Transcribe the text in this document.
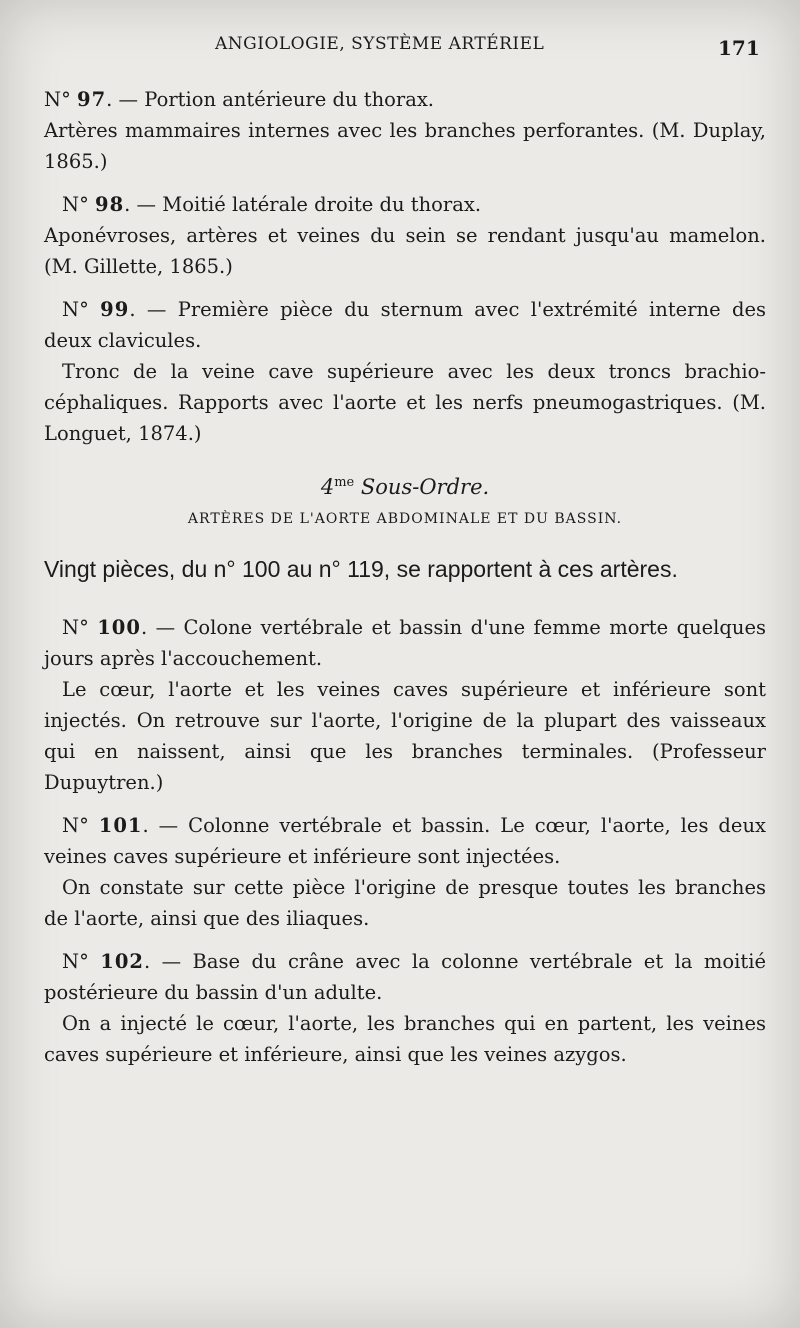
ANGIOLOGIE, SYSTÈME ARTÉRIEL	171

N° 97. — Portion antérieure du thorax.

Artères mammaires internes avec les branches perforantes. (M. Duplay, 1865.)

N° 98. — Moitié latérale droite du thorax.

Aponévroses, artères et veines du sein se rendant jusqu'au mamelon. (M. Gillette, 1865.)

N° 99. — Première pièce du sternum avec l'extrémité interne des deux clavicules.

Tronc de la veine cave supérieure avec les deux troncs brachio-céphaliques. Rapports avec l'aorte et les nerfs pneumogastriques. (M. Longuet, 1874.)

$4^{me}$ Sous-Ordre.
ARTÈRES DE L'AORTE ABDOMINALE ET DU BASSIN.

Vingt pièces, du n° 100 au n° 119, se rapportent à ces artères.

N° 100. — Colone vertébrale et bassin d'une femme morte quelques jours après l'accouchement.

Le cœur, l'aorte et les veines caves supérieure et inférieure sont injectés. On retrouve sur l'aorte, l'origine de la plupart des vaisseaux qui en naissent, ainsi que les branches terminales. (Professeur Dupuytren.)

N° 101. — Colonne vertébrale et bassin. Le cœur, l'aorte, les deux veines caves supérieure et inférieure sont injectées.

On constate sur cette pièce l'origine de presque toutes les branches de l'aorte, ainsi que des iliaques.

N° 102. — Base du crâne avec la colonne vertébrale et la moitié postérieure du bassin d'un adulte.

On a injecté le cœur, l'aorte, les branches qui en partent, les veines caves supérieure et inférieure, ainsi que les veines azygos.
